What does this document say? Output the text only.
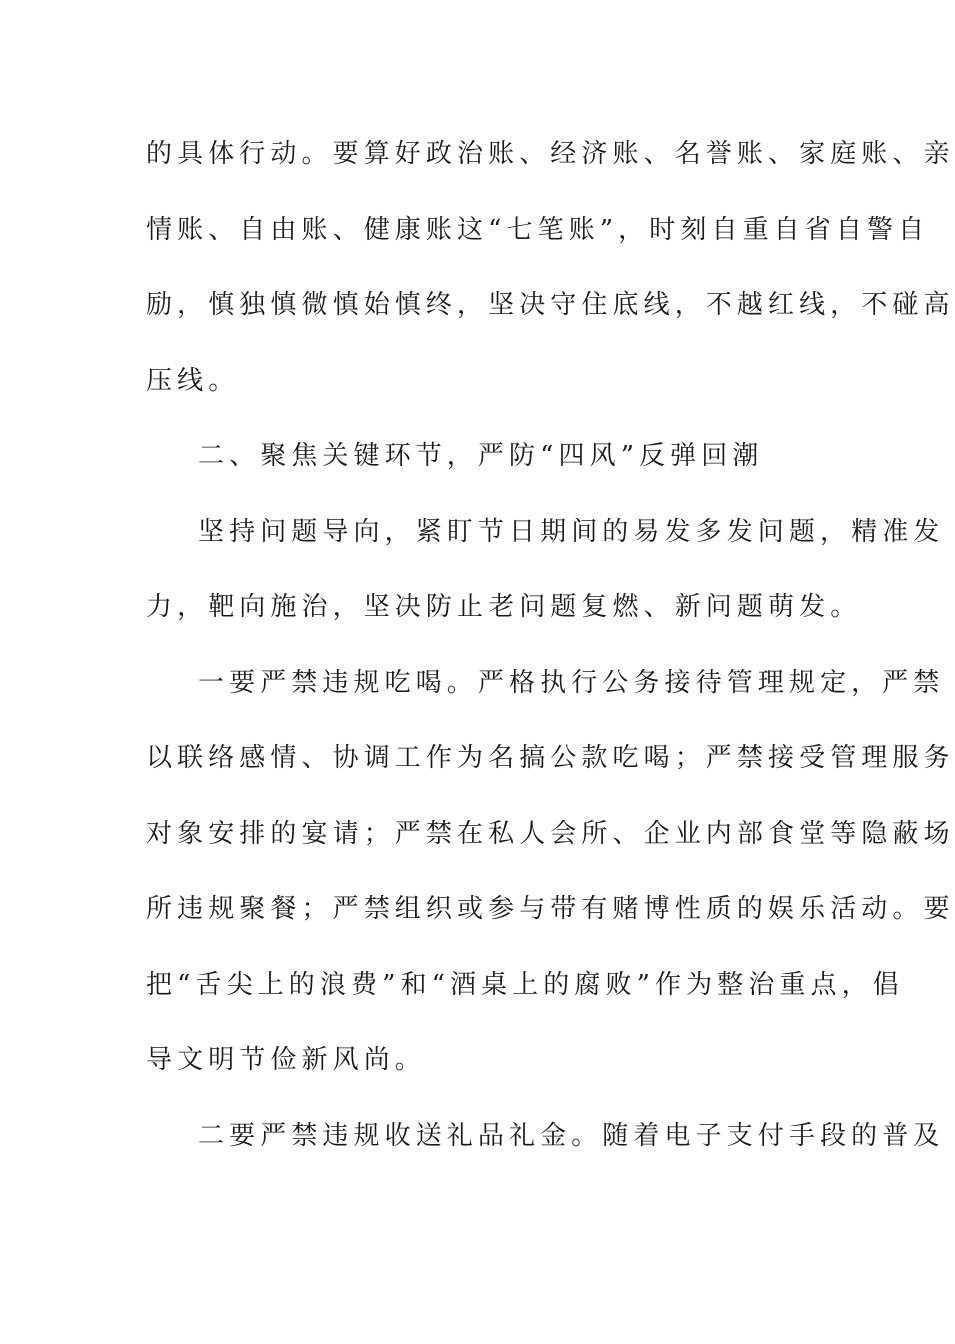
的具体行动。要算好政治账、经济账、名誉账、家庭账、亲
情账、自由账、健康账这“七笔账”，时刻自重自省自警自
励，慎独慎微慎始慎终，坚决守住底线，不越红线，不碰高
压线。
二、聚焦关键环节，严防“四风”反弹回潮
坚持问题导向，紧盯节日期间的易发多发问题，精准发
力，靶向施治，坚决防止老问题复燃、新问题萌发。
一要严禁违规吃喝。严格执行公务接待管理规定，严禁
以联络感情、协调工作为名搞公款吃喝；严禁接受管理服务
对象安排的宴请；严禁在私人会所、企业内部食堂等隐蔽场
所违规聚餐；严禁组织或参与带有赌博性质的娱乐活动。要
把“舌尖上的浪费”和“酒桌上的腐败”作为整治重点，倡
导文明节俭新风尚。
二要严禁违规收送礼品礼金。随着电子支付手段的普及
